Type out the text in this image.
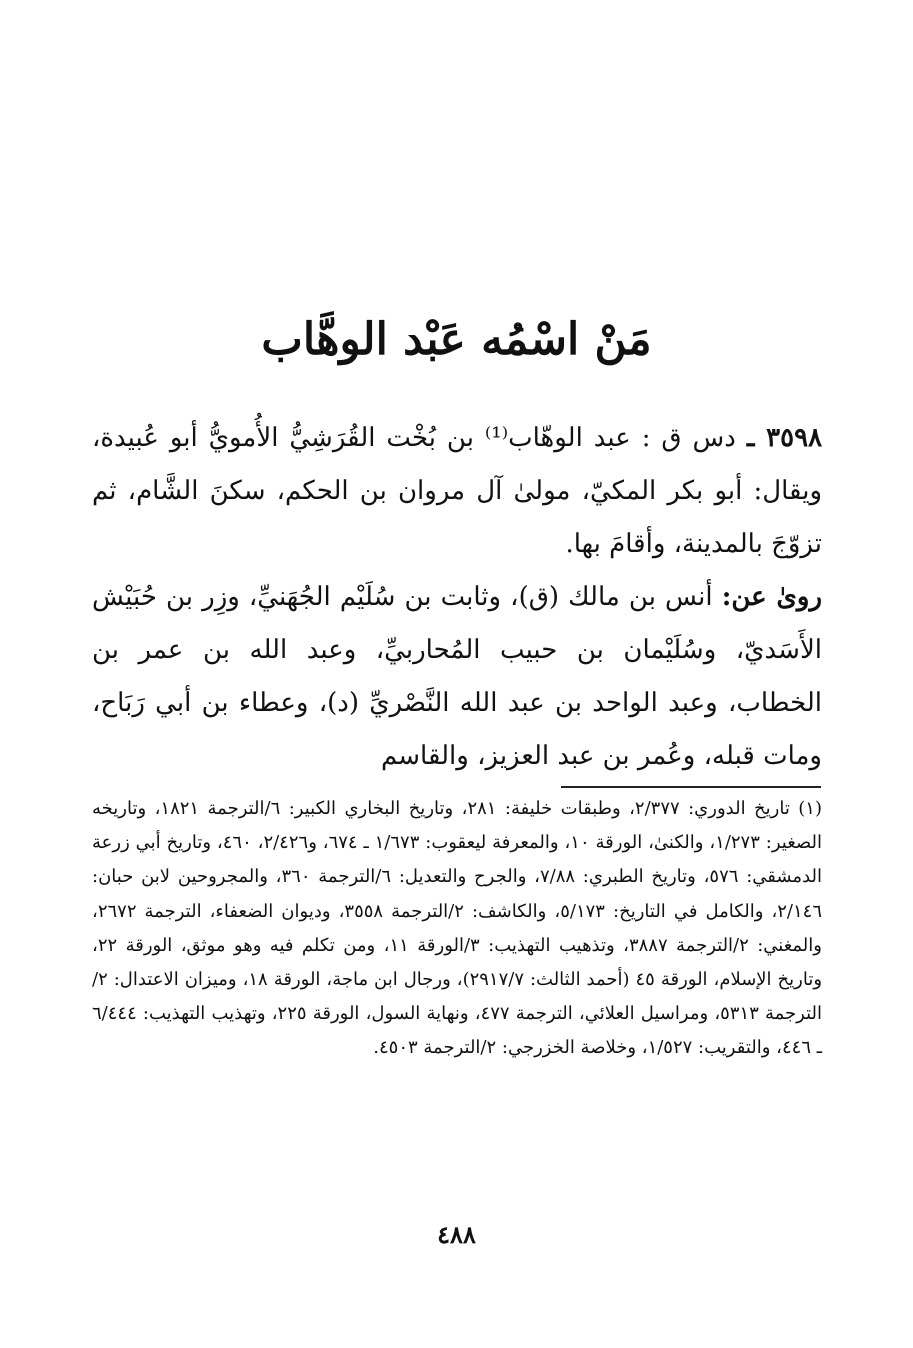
مَنْ اسْمُه عَبْد الوهَّاب

٣٥٩٨ ـ دس ق : عبد الوهّاب⁽¹⁾ بن بُخْت القُرَشِيُّ الأُمويُّ أبو عُبيدة، ويقال: أبو بكر المكيّ، مولىٰ آل مروان بن الحكم، سكنَ الشَّام، ثم تزوّجَ بالمدينة، وأقامَ بها.

روىٰ عن: أنس بن مالك (ق)، وثابت بن سُلَيْم الجُهَنيِّ، وزِر بن حُبَيْش الأَسَديّ، وسُلَيْمان بن حبيب المُحاربيِّ، وعبد الله بن عمر بن الخطاب، وعبد الواحد بن عبد الله النَّصْريِّ (د)، وعطاء بن أبي رَبَاح، ومات قبله، وعُمر بن عبد العزيز، والقاسم

(١) تاريخ الدوري: ٢/٣٧٧، وطبقات خليفة: ٢٨١، وتاريخ البخاري الكبير: ٦/الترجمة ١٨٢١، وتاريخه الصغير: ١/٢٧٣، والكنىٰ، الورقة ١٠، والمعرفة ليعقوب: ١/٦٧٣ ـ ٦٧٤، و٢/٤٢٦، ٤٦٠، وتاريخ أبي زرعة الدمشقي: ٥٧٦، وتاريخ الطبري: ٧/٨٨، والجرح والتعديل: ٦/الترجمة ٣٦٠، والمجروحين لابن حبان: ٢/١٤٦، والكامل في التاريخ: ٥/١٧٣، والكاشف: ٢/الترجمة ٣٥٥٨، وديوان الضعفاء، الترجمة ٢٦٧٢، والمغني: ٢/الترجمة ٣٨٨٧، وتذهيب التهذيب: ٣/الورقة ١١، ومن تكلم فيه وهو موثق، الورقة ٢٢، وتاريخ الإسلام، الورقة ٤٥ (أحمد الثالث: ٢٩١٧/٧)، ورجال ابن ماجة، الورقة ١٨، وميزان الاعتدال: ٢/الترجمة ٥٣١٣، ومراسيل العلائي، الترجمة ٤٧٧، ونهاية السول، الورقة ٢٢٥، وتهذيب التهذيب: ٦/٤٤٤ ـ ٤٤٦، والتقريب: ١/٥٢٧، وخلاصة الخزرجي: ٢/الترجمة ٤٥٠٣.

٤٨٨
